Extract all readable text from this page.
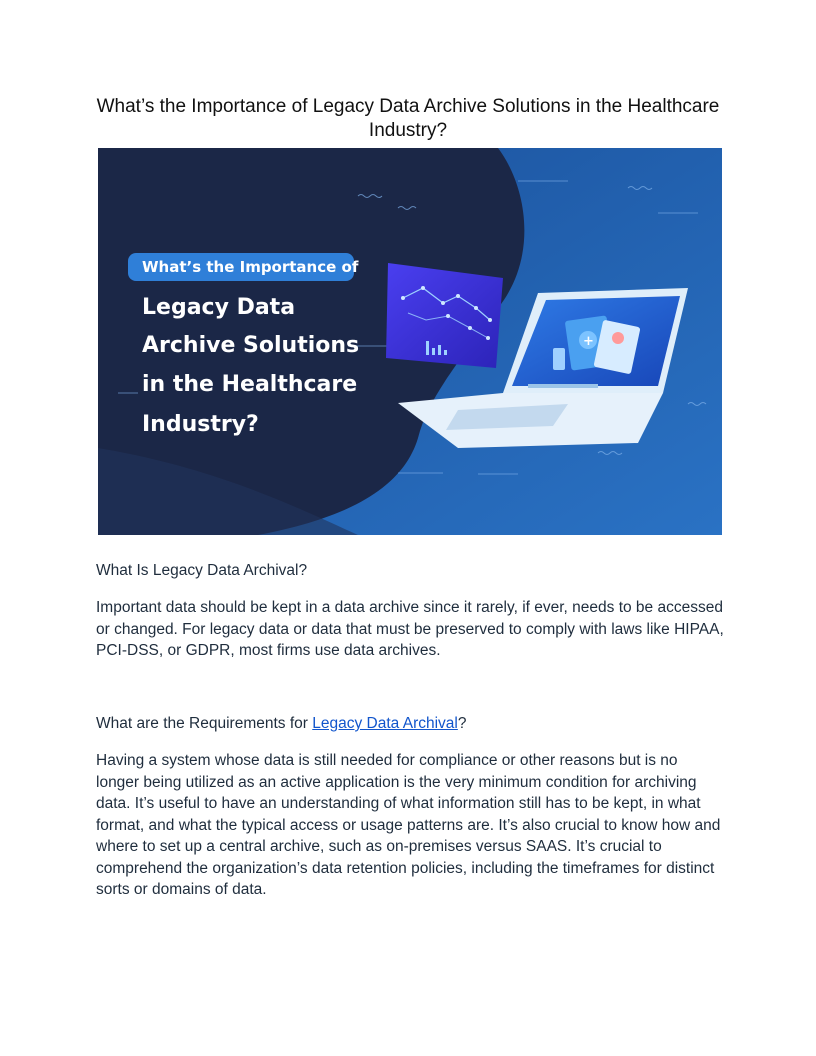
What’s the Importance of Legacy Data Archive Solutions in the Healthcare Industry?
What’s the Importance of
Legacy Data
Archive Solutions
in the Healthcare
Industry?
+
What Is Legacy Data Archival?

Important data should be kept in a data archive since it rarely, if ever, needs to be accessed or changed. For legacy data or data that must be preserved to comply with laws like HIPAA, PCI-DSS, or GDPR, most firms use data archives.

What are the Requirements for Legacy Data Archival?

Having a system whose data is still needed for compliance or other reasons but is no longer being utilized as an active application is the very minimum condition for archiving data. It’s useful to have an understanding of what information still has to be kept, in what format, and what the typical access or usage patterns are. It’s also crucial to know how and where to set up a central archive, such as on-premises versus SAAS. It’s crucial to comprehend the organization’s data retention policies, including the timeframes for distinct sorts or domains of data.
